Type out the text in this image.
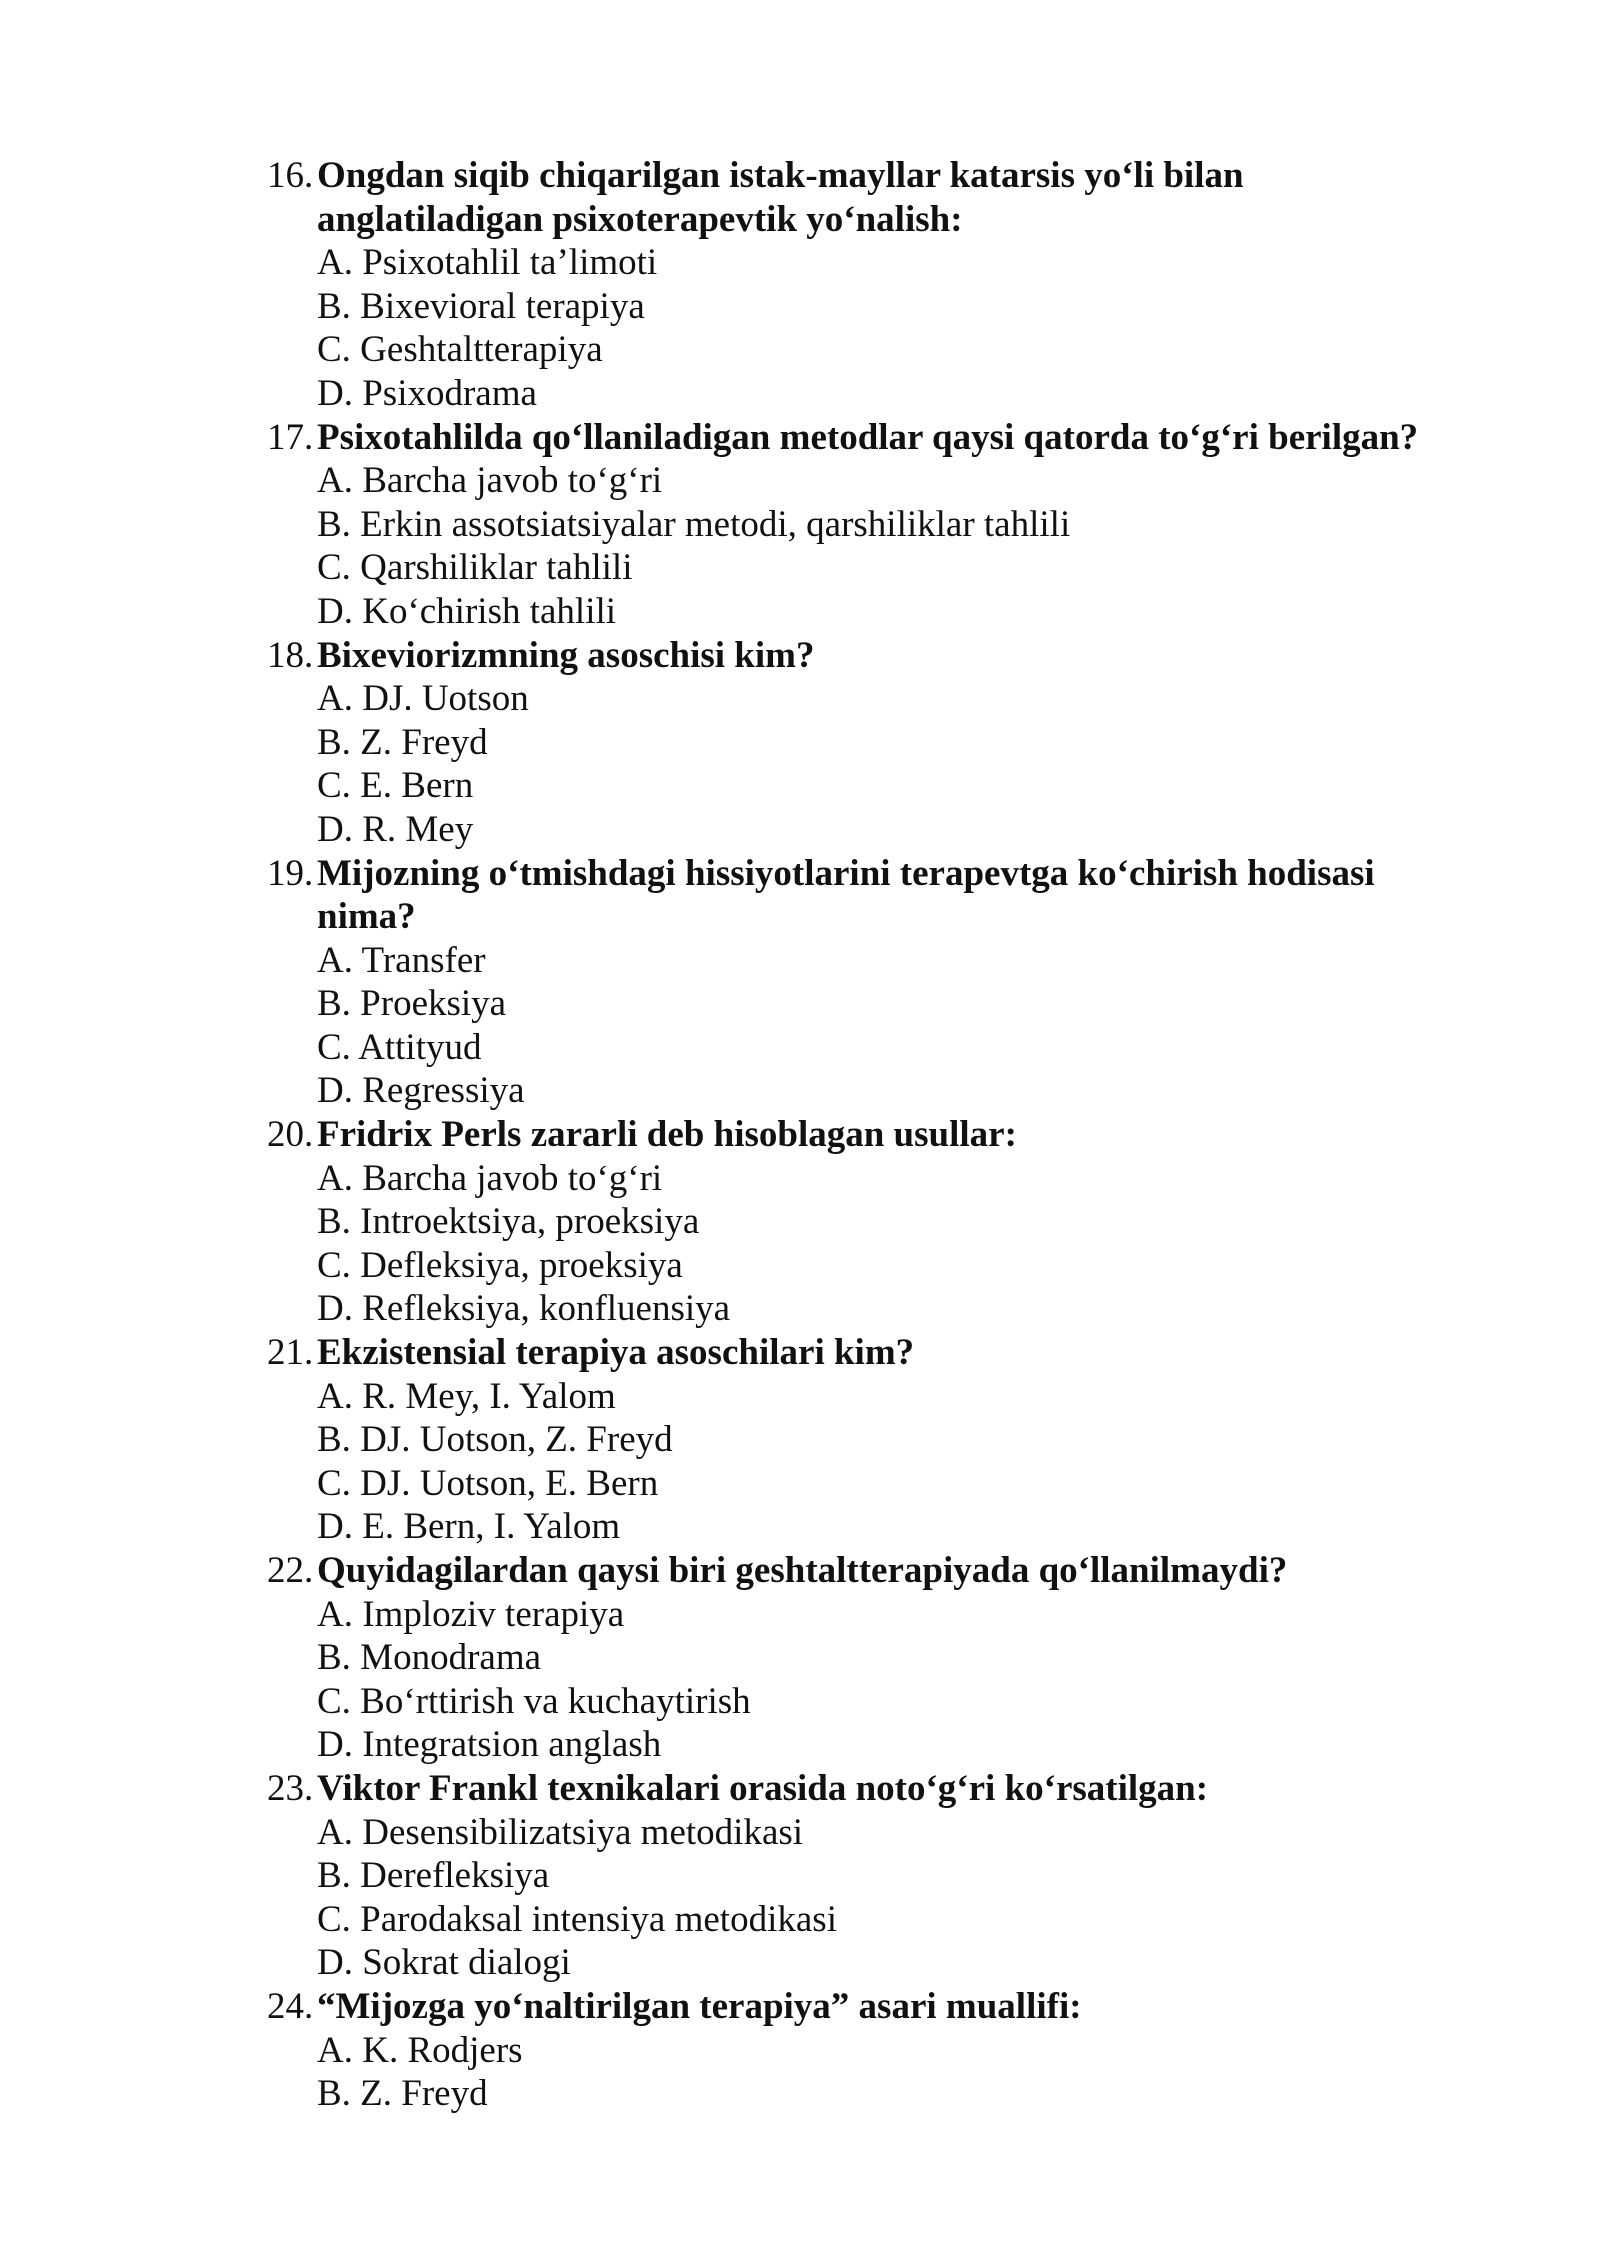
16. Ongdan siqib chiqarilgan istak-mayllar katarsis yo‘li bilan anglatiladigan psixoterapevtik yo‘nalish:
A. Psixotahlil ta’limoti
B. Bixevioral terapiya
C. Geshtaltterapiya
D. Psixodrama
17. Psixotahlilda qo‘llaniladigan metodlar qaysi qatorda to‘g‘ri berilgan?
A. Barcha javob to‘g‘ri
B. Erkin assotsiatsiyalar metodi, qarshiliklar tahlili
C. Qarshiliklar tahlili
D. Ko‘chirish tahlili
18. Bixeviorizmning asoschisi kim?
A. DJ. Uotson
B. Z. Freyd
C. E. Bern
D. R. Mey
19. Mijozning o‘tmishdagi hissiyotlarini terapevtga ko‘chirish hodisasi nima?
A. Transfer
B. Proeksiya
C. Attityud
D. Regressiya
20. Fridrix Perls zararli deb hisoblagan usullar:
A. Barcha javob to‘g‘ri
B. Introektsiya, proeksiya
C. Defleksiya, proeksiya
D. Refleksiya, konfluensiya
21. Ekzistensial terapiya asoschilari kim?
A. R. Mey, I. Yalom
B. DJ. Uotson, Z. Freyd
C. DJ. Uotson, E. Bern
D. E. Bern, I. Yalom
22. Quyidagilardan qaysi biri geshtaltterapiyada qo‘llanilmaydi?
A. Imploziv terapiya
B. Monodrama
C. Bo‘rttirish va kuchaytirish
D. Integratsion anglash
23. Viktor Frankl texnikalari orasida noto‘g‘ri ko‘rsatilgan:
A. Desensibilizatsiya metodikasi
B. Derefleksiya
C. Parodaksal intensiya metodikasi
D. Sokrat dialogi
24. “Mijozga yo‘naltirilgan terapiya” asari muallifi:
A. K. Rodjers
B. Z. Freyd
